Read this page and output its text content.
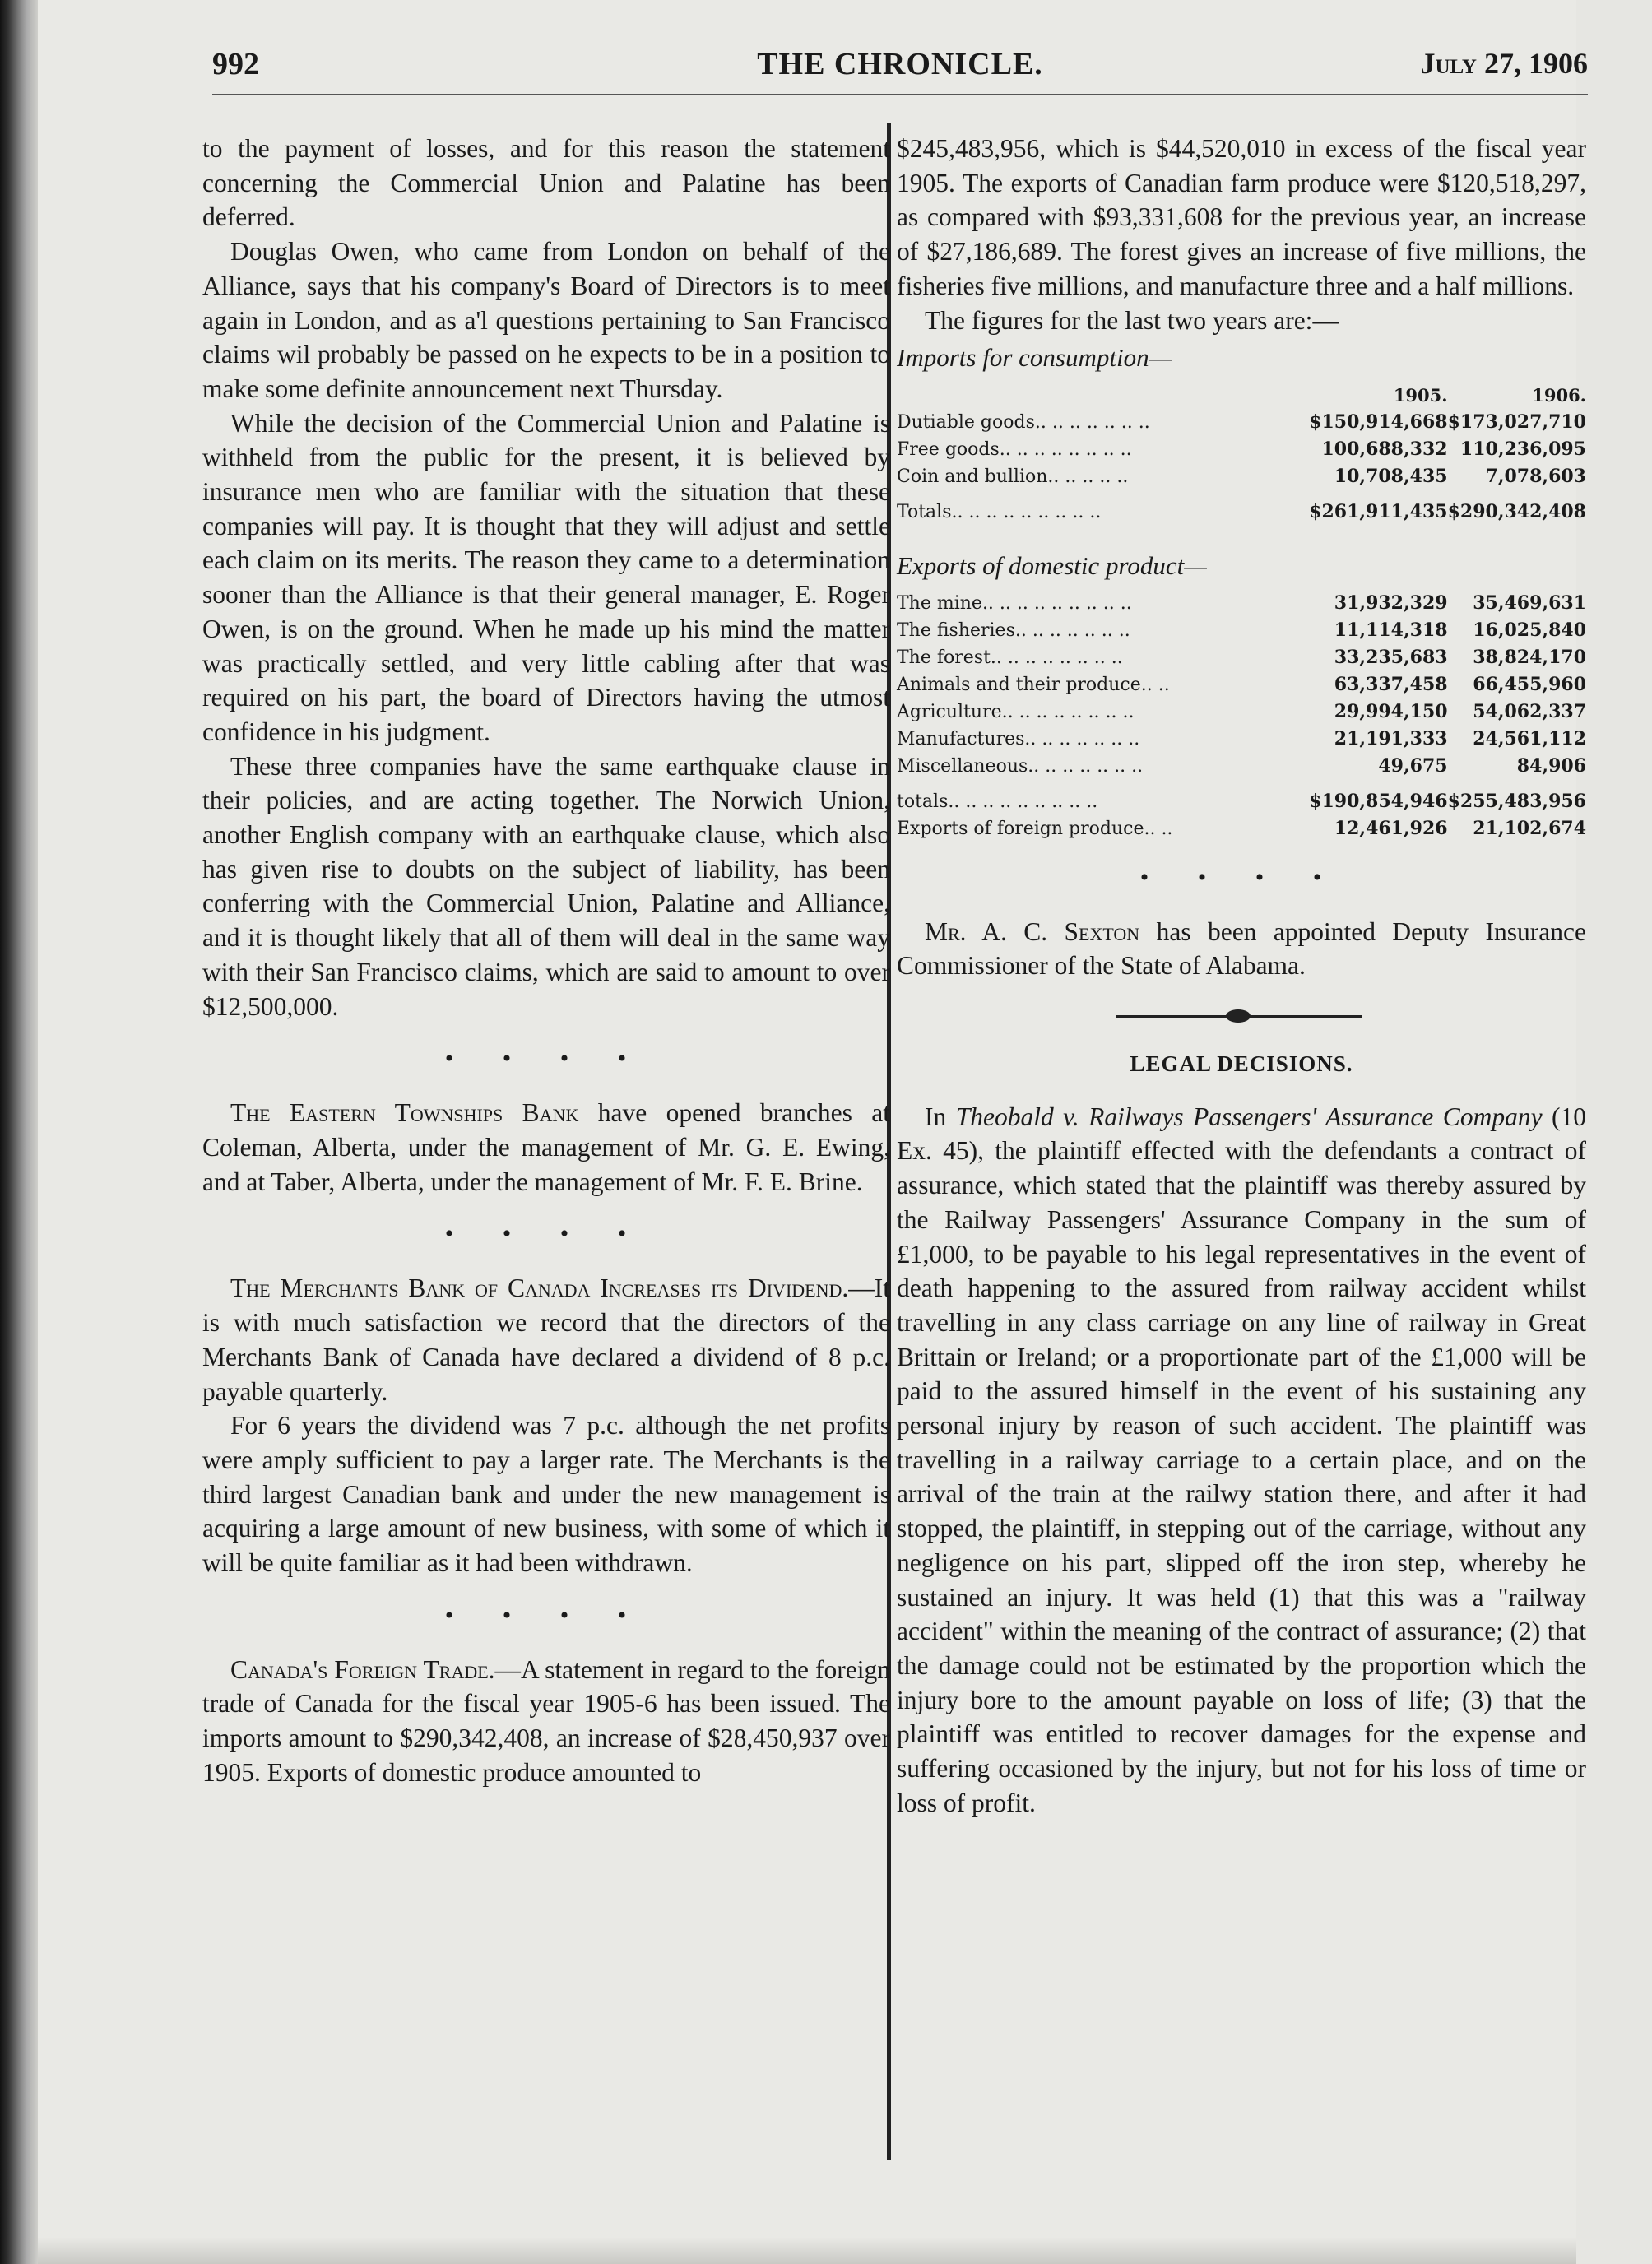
992	THE CHRONICLE.	July 27, 1906

to the payment of losses, and for this reason the statement concerning the Commercial Union and Palatine has been deferred.

Douglas Owen, who came from London on behalf of the Alliance, says that his company's Board of Directors is to meet again in London, and as a'l questions pertaining to San Francisco claims wil probably be passed on he expects to be in a position to make some definite announcement next Thursday.

While the decision of the Commercial Union and Palatine is withheld from the public for the present, it is believed by insurance men who are familiar with the situation that these companies will pay. It is thought that they will adjust and settle each claim on its merits. The reason they came to a determination sooner than the Alliance is that their general manager, E. Roger Owen, is on the ground. When he made up his mind the matter was practically settled, and very little cabling after that was required on his part, the board of Directors having the utmost confidence in his judgment.

These three companies have the same earthquake clause in their policies, and are acting together. The Norwich Union, another English company with an earthquake clause, which also has given rise to doubts on the subject of liability, has been conferring with the Commercial Union, Palatine and Alliance, and it is thought likely that all of them will deal in the same way with their San Francisco claims, which are said to amount to over $12,500,000.

• • • •

The Eastern Townships Bank have opened branches at Coleman, Alberta, under the management of Mr. G. E. Ewing, and at Taber, Alberta, under the management of Mr. F. E. Brine.

• • • •

The Merchants Bank of Canada Increases its Dividend.—It is with much satisfaction we record that the directors of the Merchants Bank of Canada have declared a dividend of 8 p.c. payable quarterly.

For 6 years the dividend was 7 p.c. although the net profits were amply sufficient to pay a larger rate. The Merchants is the third largest Canadian bank and under the new management is acquiring a large amount of new business, with some of which it will be quite familiar as it had been withdrawn.

• • • •

Canada's Foreign Trade.—A statement in regard to the foreign trade of Canada for the fiscal year 1905-6 has been issued. The imports amount to $290,342,408, an increase of $28,450,937 over 1905. Exports of domestic produce amounted to

$245,483,956, which is $44,520,010 in excess of the fiscal year 1905. The exports of Canadian farm produce were $120,518,297, as compared with $93,331,608 for the previous year, an increase of $27,186,689. The forest gives an increase of five millions, the fisheries five millions, and manufacture three and a half millions.

The figures for the last two years are:—

Imports for consumption—
	1905.	1906.
Dutiable goods.. .. .. .. .. .. ..	$150,914,668	$173,027,710
Free goods.. .. .. .. .. .. .. ..	100,688,332	110,236,095
Coin and bullion.. .. .. .. ..	10,708,435	7,078,603
Totals.. .. .. .. .. .. .. .. ..	$261,911,435	$290,342,408
Exports of domestic product—
The mine.. .. .. .. .. .. .. .. ..	31,932,329	35,469,631
The fisheries.. .. .. .. .. .. ..	11,114,318	16,025,840
The forest.. .. .. .. .. .. .. ..	33,235,683	38,824,170
Animals and their produce.. ..	63,337,458	66,455,960
Agriculture.. .. .. .. .. .. .. ..	29,994,150	54,062,337
Manufactures.. .. .. .. .. .. ..	21,191,333	24,561,112
Miscellaneous.. .. .. .. .. .. ..	49,675	84,906
totals.. .. .. .. .. .. .. .. ..	$190,854,946	$255,483,956
Exports of foreign produce.. ..	12,461,926	21,102,674
• • • •

Mr. A. C. Sexton has been appointed Deputy Insurance Commissioner of the State of Alabama.

LEGAL DECISIONS.

In Theobald v. Railways Passengers' Assurance Company (10 Ex. 45), the plaintiff effected with the defendants a contract of assurance, which stated that the plaintiff was thereby assured by the Railway Passengers' Assurance Company in the sum of £1,000, to be payable to his legal representatives in the event of death happening to the assured from railway accident whilst travelling in any class carriage on any line of railway in Great Brittain or Ireland; or a proportionate part of the £1,000 will be paid to the assured himself in the event of his sustaining any personal injury by reason of such accident. The plaintiff was travelling in a railway carriage to a certain place, and on the arrival of the train at the railwy station there, and after it had stopped, the plaintiff, in stepping out of the carriage, without any negligence on his part, slipped off the iron step, whereby he sustained an injury. It was held (1) that this was a "railway accident" within the meaning of the contract of assurance; (2) that the damage could not be estimated by the proportion which the injury bore to the amount payable on loss of life; (3) that the plaintiff was entitled to recover damages for the expense and suffering occasioned by the injury, but not for his loss of time or loss of profit.
